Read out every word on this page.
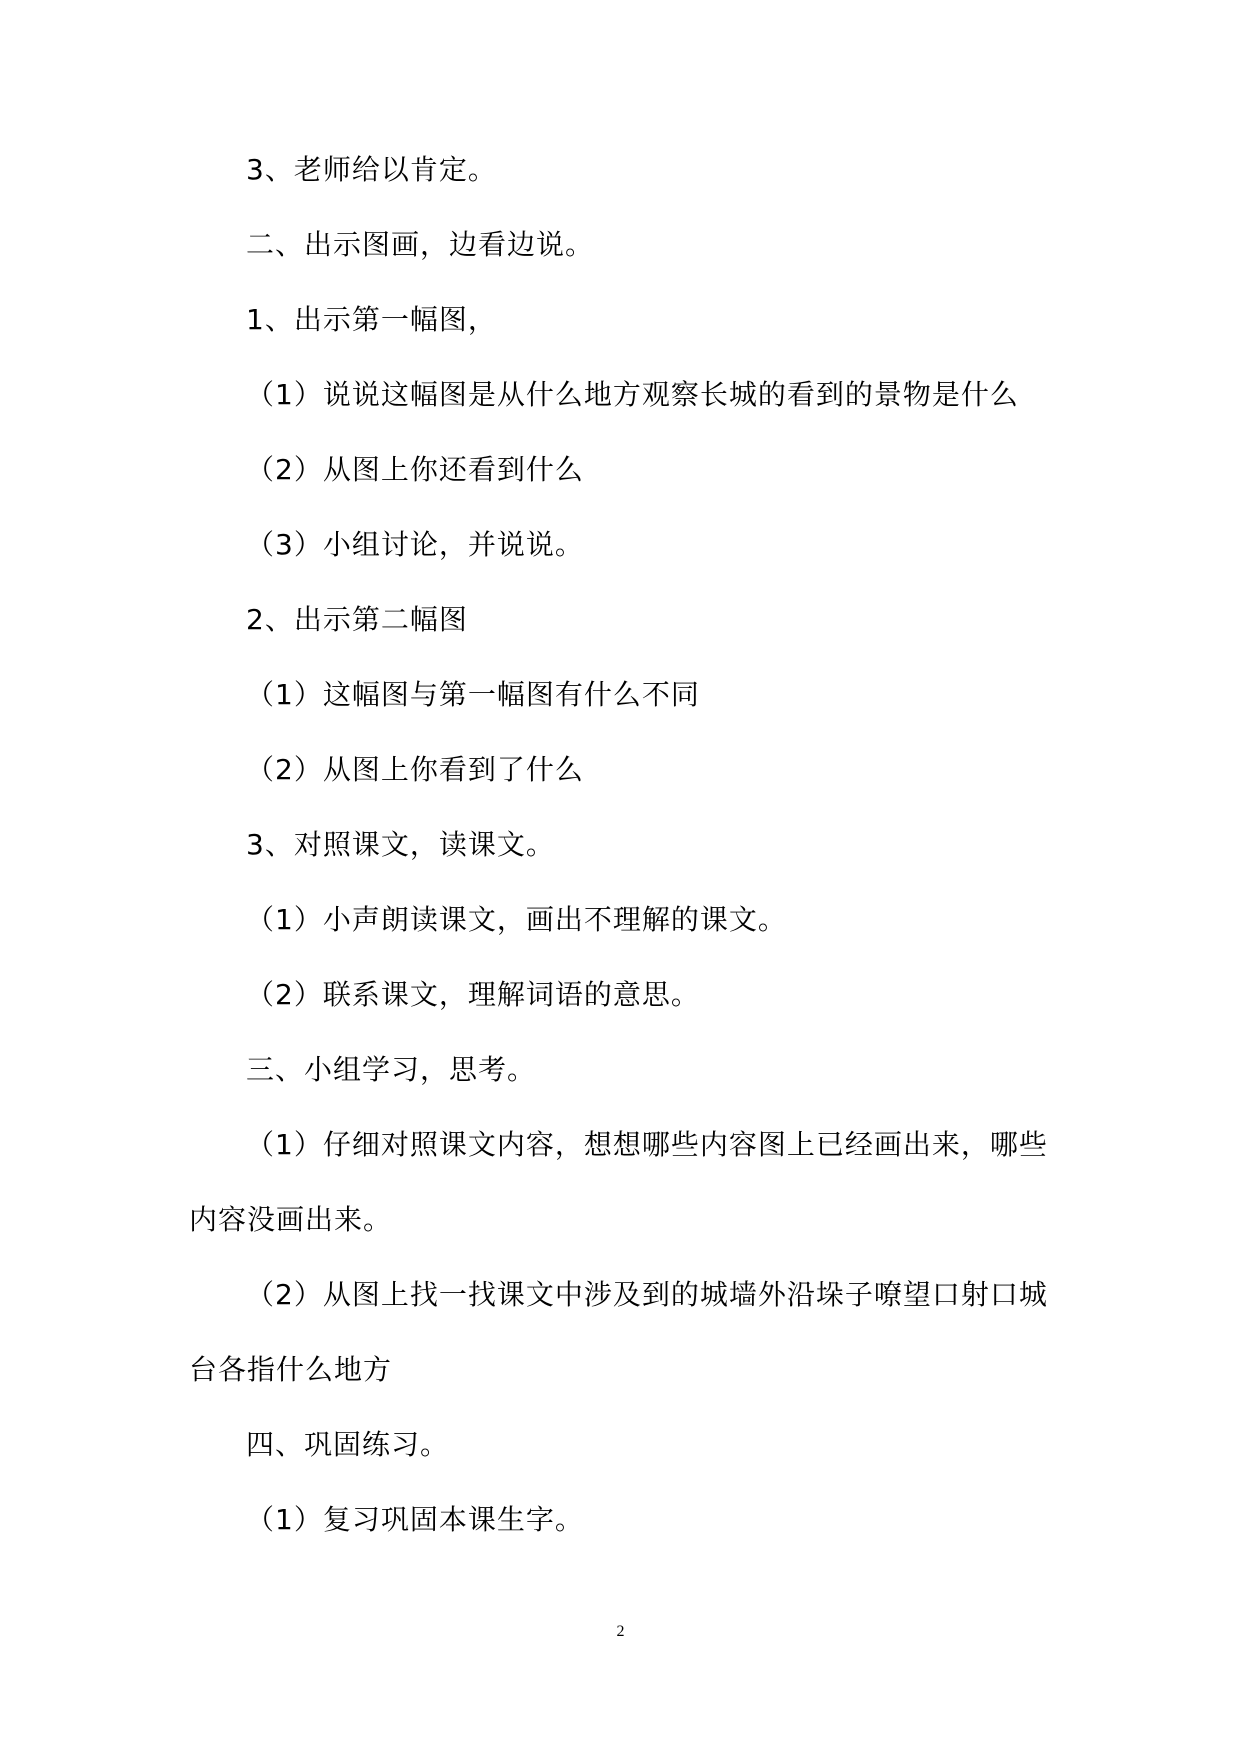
3、老师给以肯定。
二、出示图画，边看边说。
1、出示第一幅图，
（1）说说这幅图是从什么地方观察长城的看到的景物是什么
（2）从图上你还看到什么
（3）小组讨论，并说说。
2、出示第二幅图
（1）这幅图与第一幅图有什么不同
（2）从图上你看到了什么
3、对照课文，读课文。
（1）小声朗读课文，画出不理解的课文。
（2）联系课文，理解词语的意思。
三、小组学习，思考。
（1）仔细对照课文内容，想想哪些内容图上已经画出来，哪些
内容没画出来。
（2）从图上找一找课文中涉及到的城墙外沿垛子嘹望口射口城
台各指什么地方
四、巩固练习。
（1）复习巩固本课生字。
2
